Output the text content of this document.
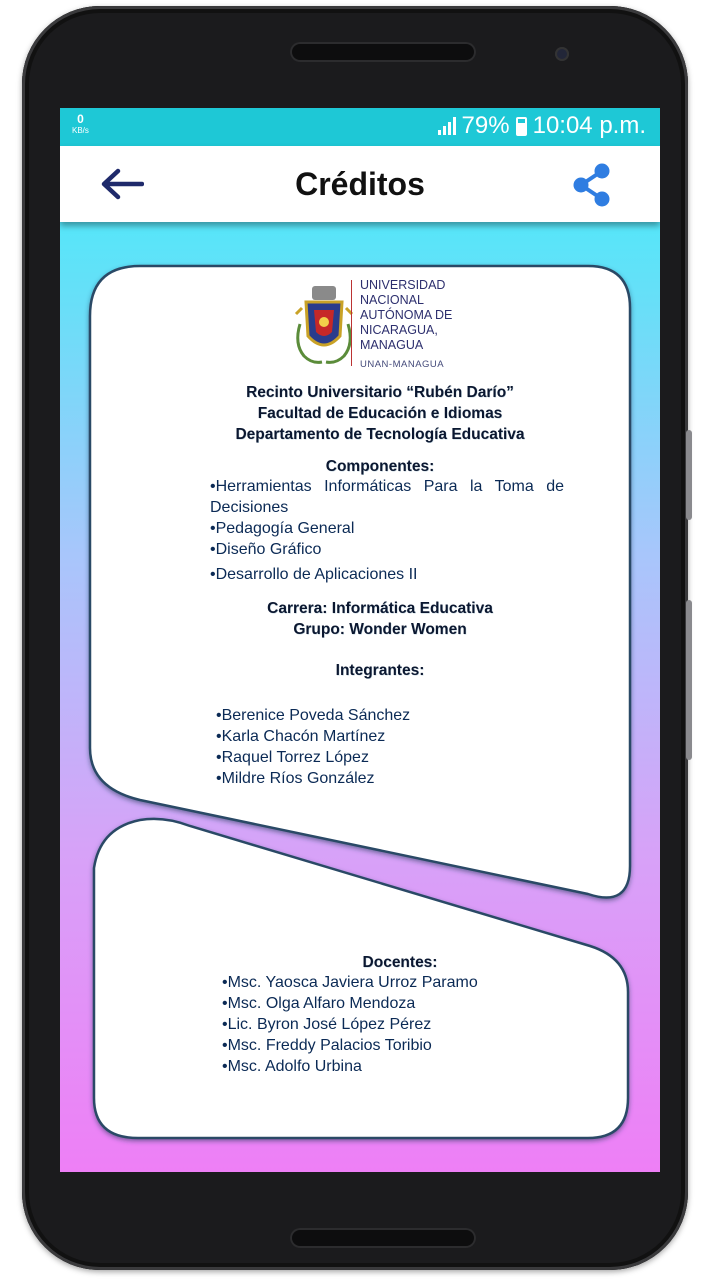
UNIVERSIDAD
NACIONAL
AUTÓNOMA DE
NICARAGUA,
MANAGUA
UNAN-MANAGUA
Recinto Universitario “Rubén Darío”
Facultad de Educación e Idiomas
Departamento de Tecnología Educativa
Componentes:
•Herramientas Informáticas Para la Toma de Decisiones
•Pedagogía General
•Diseño Gráfico
•Desarrollo de Aplicaciones II
Carrera: Informática Educativa
Grupo: Wonder Women
Integrantes:
•Berenice Poveda Sánchez
•Karla Chacón Martínez
•Raquel Torrez López
•Mildre Ríos González
Docentes:
•Msc. Yaosca Javiera Urroz Paramo
•Msc. Olga Alfaro Mendoza
•Lic. Byron José López Pérez
•Msc. Freddy Palacios Toribio
•Msc. Adolfo Urbina
0
KB/s	79% 10:04 p.m.
Créditos
